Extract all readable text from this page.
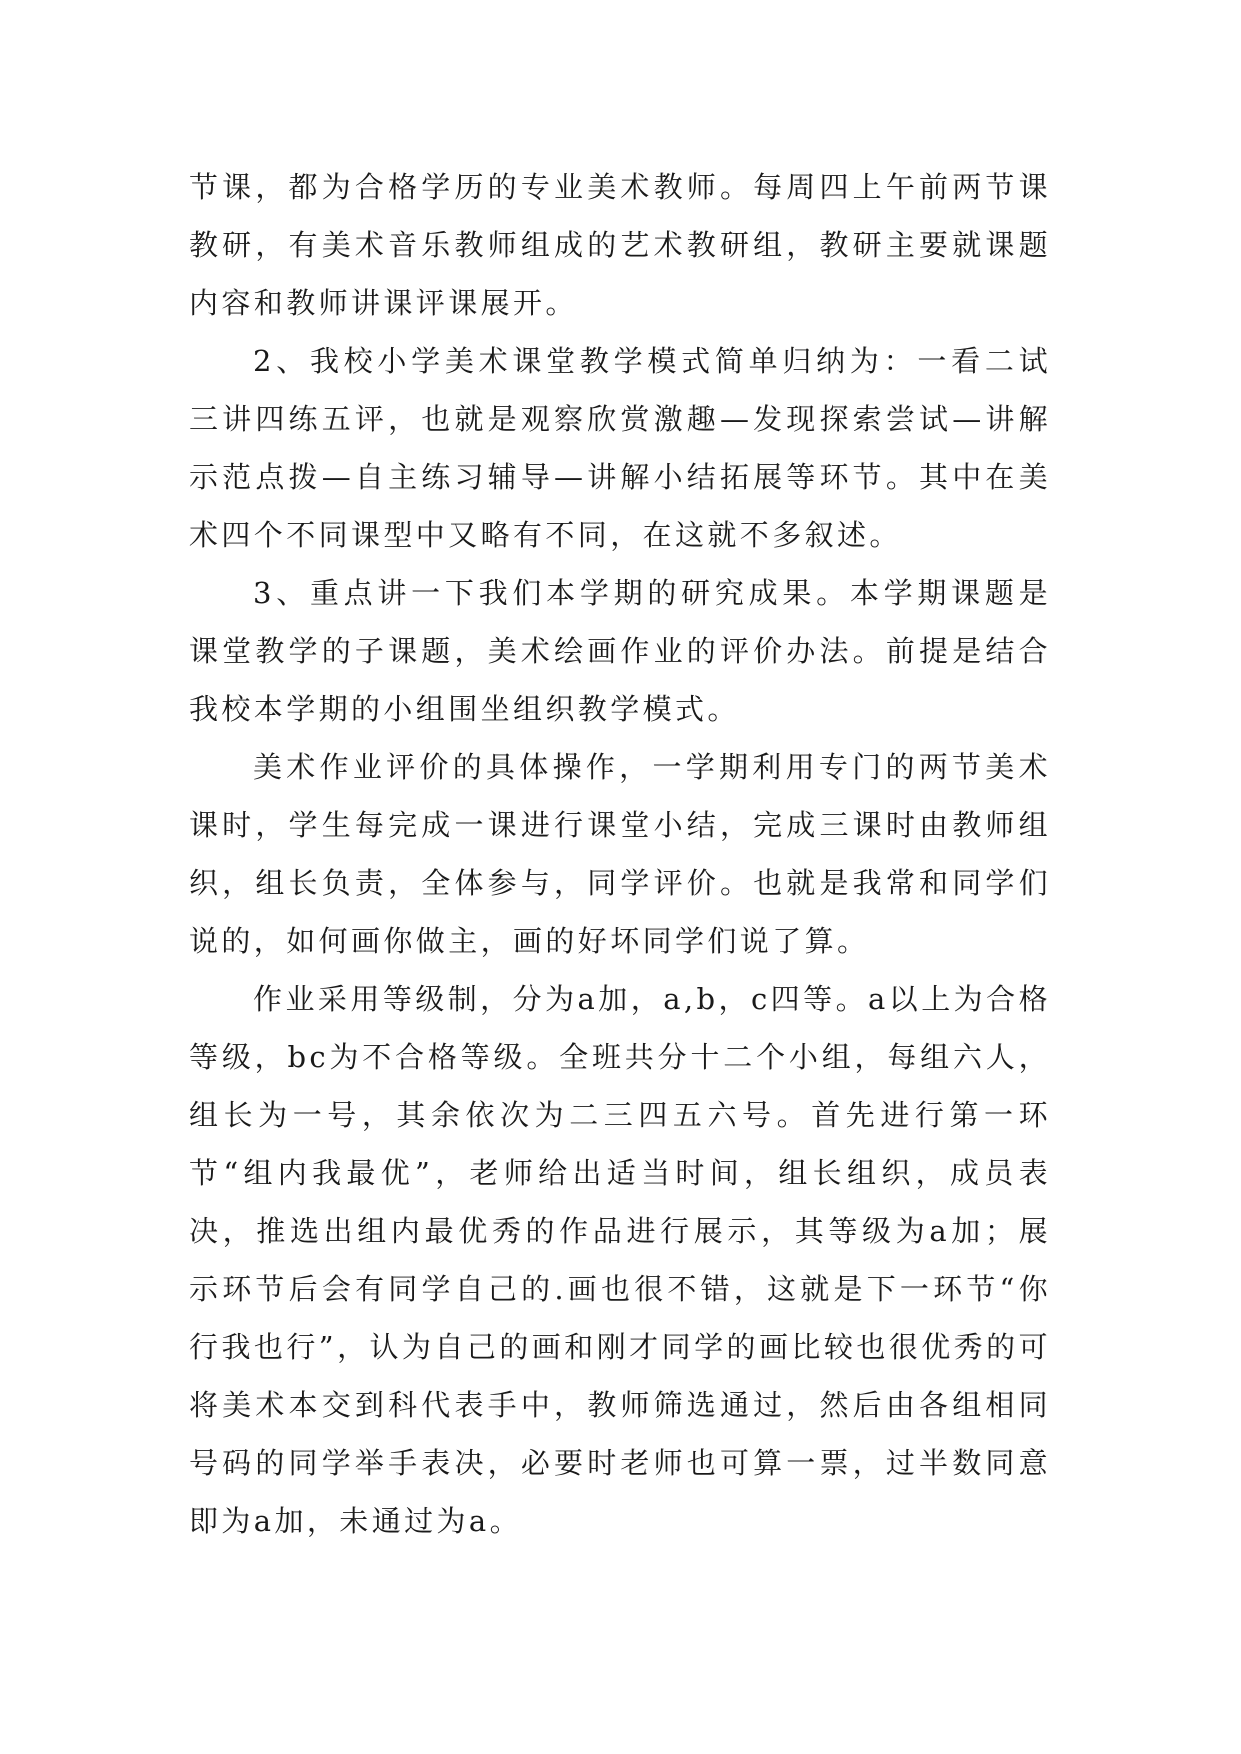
节课，都为合格学历的专业美术教师。每周四上午前两节课教研，有美术音乐教师组成的艺术教研组，教研主要就课题内容和教师讲课评课展开。

2、我校小学美术课堂教学模式简单归纳为：一看二试三讲四练五评，也就是观察欣赏激趣—发现探索尝试—讲解示范点拨—自主练习辅导—讲解小结拓展等环节。其中在美术四个不同课型中又略有不同，在这就不多叙述。

3、重点讲一下我们本学期的研究成果。本学期课题是课堂教学的子课题，美术绘画作业的评价办法。前提是结合我校本学期的小组围坐组织教学模式。

美术作业评价的具体操作，一学期利用专门的两节美术课时，学生每完成一课进行课堂小结，完成三课时由教师组织，组长负责，全体参与，同学评价。也就是我常和同学们说的，如何画你做主，画的好坏同学们说了算。

作业采用等级制，分为a加，a,b，c四等。a以上为合格等级，bc为不合格等级。全班共分十二个小组，每组六人，组长为一号，其余依次为二三四五六号。首先进行第一环节“组内我最优”，老师给出适当时间，组长组织，成员表决，推选出组内最优秀的作品进行展示，其等级为a加；展示环节后会有同学自己的.画也很不错，这就是下一环节“你行我也行”，认为自己的画和刚才同学的画比较也很优秀的可将美术本交到科代表手中，教师筛选通过，然后由各组相同号码的同学举手表决，必要时老师也可算一票，过半数同意即为a加，未通过为a。
